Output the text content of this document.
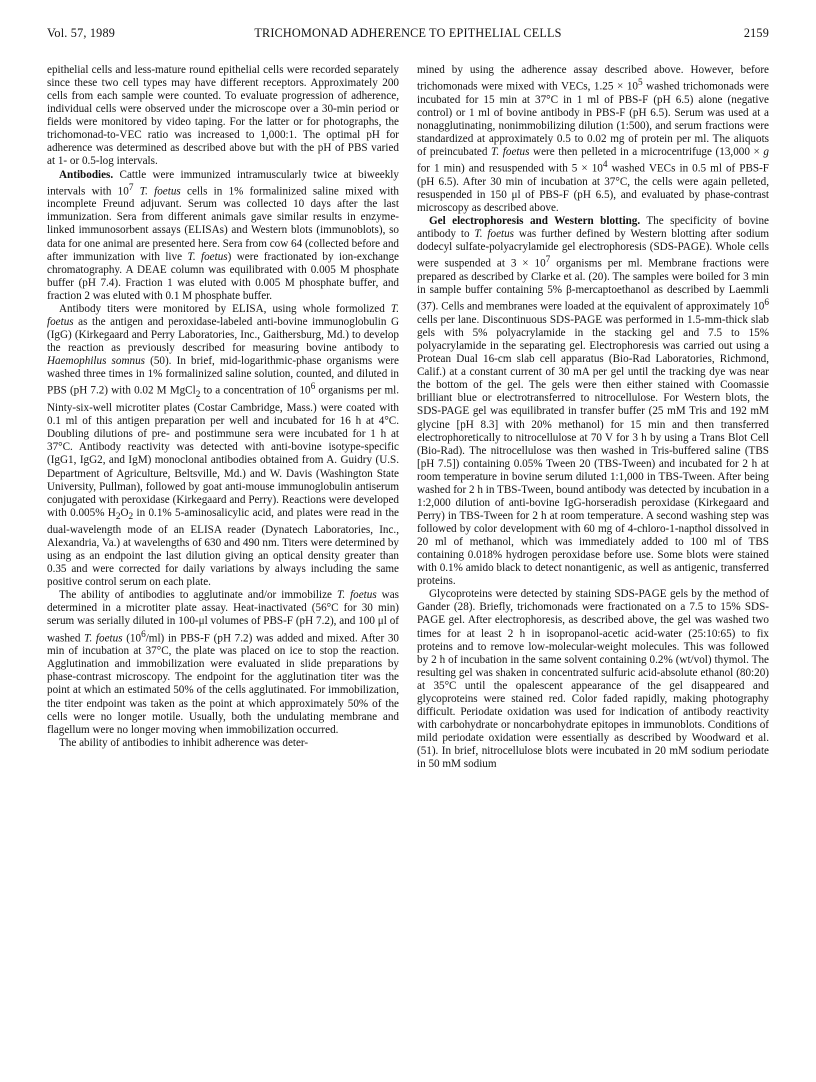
Vol. 57, 1989	TRICHOMONAD ADHERENCE TO EPITHELIAL CELLS	2159

epithelial cells and less-mature round epithelial cells were recorded separately since these two cell types may have different receptors. Approximately 200 cells from each sample were counted. To evaluate progression of adherence, individual cells were observed under the microscope over a 30-min period or fields were monitored by video taping. For the latter or for photographs, the trichomonad-to-VEC ratio was increased to 1,000:1. The optimal pH for adherence was determined as described above but with the pH of PBS varied at 1- or 0.5-log intervals.

Antibodies. Cattle were immunized intramuscularly twice at biweekly intervals with $10^7$ T. foetus cells in 1% formalinized saline mixed with incomplete Freund adjuvant. Serum was collected 10 days after the last immunization. Sera from different animals gave similar results in enzyme-linked immunosorbent assays (ELISAs) and Western blots (immunoblots), so data for one animal are presented here. Sera from cow 64 (collected before and after immunization with live T. foetus) were fractionated by ion-exchange chromatography. A DEAE column was equilibrated with 0.005 M phosphate buffer (pH 7.4). Fraction 1 was eluted with 0.005 M phosphate buffer, and fraction 2 was eluted with 0.1 M phosphate buffer.

Antibody titers were monitored by ELISA, using whole formolized T. foetus as the antigen and peroxidase-labeled anti-bovine immunoglobulin G (IgG) (Kirkegaard and Perry Laboratories, Inc., Gaithersburg, Md.) to develop the reaction as previously described for measuring bovine antibody to Haemophilus somnus (50). In brief, mid-logarithmic-phase organisms were washed three times in 1% formalinized saline solution, counted, and diluted in PBS (pH 7.2) with 0.02 M MgCl$_2$ to a concentration of $10^6$ organisms per ml. Ninty-six-well microtiter plates (Costar Cambridge, Mass.) were coated with 0.1 ml of this antigen preparation per well and incubated for 16 h at 4°C. Doubling dilutions of pre- and postimmune sera were incubated for 1 h at 37°C. Antibody reactivity was detected with anti-bovine isotype-specific (IgG1, IgG2, and IgM) monoclonal antibodies obtained from A. Guidry (U.S. Department of Agriculture, Beltsville, Md.) and W. Davis (Washington State University, Pullman), followed by goat anti-mouse immunoglobulin antiserum conjugated with peroxidase (Kirkegaard and Perry). Reactions were developed with 0.005% $H_2O_2$ in 0.1% 5-aminosalicylic acid, and plates were read in the dual-wavelength mode of an ELISA reader (Dynatech Laboratories, Inc., Alexandria, Va.) at wavelengths of 630 and 490 nm. Titers were determined by using as an endpoint the last dilution giving an optical density greater than 0.35 and were corrected for daily variations by always including the same positive control serum on each plate.

The ability of antibodies to agglutinate and/or immobilize T. foetus was determined in a microtiter plate assay. Heat-inactivated (56°C for 30 min) serum was serially diluted in 100-μl volumes of PBS-F (pH 7.2), and 100 μl of washed T. foetus $(10^6/ml)$ in PBS-F (pH 7.2) was added and mixed. After 30 min of incubation at 37°C, the plate was placed on ice to stop the reaction. Agglutination and immobilization were evaluated in slide preparations by phase-contrast microscopy. The endpoint for the agglutination titer was the point at which an estimated 50% of the cells agglutinated. For immobilization, the titer endpoint was taken as the point at which approximately 50% of the cells were no longer motile. Usually, both the undulating membrane and flagellum were no longer moving when immobilization occurred.

The ability of antibodies to inhibit adherence was deter-

mined by using the adherence assay described above. However, before trichomonads were mixed with VECs, $1.25 \times 10^5$ washed trichomonads were incubated for 15 min at 37°C in 1 ml of PBS-F (pH 6.5) alone (negative control) or 1 ml of bovine antibody in PBS-F (pH 6.5). Serum was used at a nonagglutinating, nonimmobilizing dilution (1:500), and serum fractions were standardized at approximately 0.5 to 0.02 mg of protein per ml. The aliquots of preincubated T. foetus were then pelleted in a microcentrifuge (13,000 × g for 1 min) and resuspended with $5 \times 10^4$ washed VECs in 0.5 ml of PBS-F (pH 6.5). After 30 min of incubation at 37°C, the cells were again pelleted, resuspended in 150 μl of PBS-F (pH 6.5), and evaluated by phase-contrast microscopy as described above.

Gel electrophoresis and Western blotting. The specificity of bovine antibody to T. foetus was further defined by Western blotting after sodium dodecyl sulfate-polyacrylamide gel electrophoresis (SDS-PAGE). Whole cells were suspended at $3 \times 10^7$ organisms per ml. Membrane fractions were prepared as described by Clarke et al. (20). The samples were boiled for 3 min in sample buffer containing 5% β-mercaptoethanol as described by Laemmli (37). Cells and membranes were loaded at the equivalent of approximately $10^6$ cells per lane. Discontinuous SDS-PAGE was performed in 1.5-mm-thick slab gels with 5% polyacrylamide in the stacking gel and 7.5 to 15% polyacrylamide in the separating gel. Electrophoresis was carried out using a Protean Dual 16-cm slab cell apparatus (Bio-Rad Laboratories, Richmond, Calif.) at a constant current of 30 mA per gel until the tracking dye was near the bottom of the gel. The gels were then either stained with Coomassie brilliant blue or electrotransferred to nitrocellulose. For Western blots, the SDS-PAGE gel was equilibrated in transfer buffer (25 mM Tris and 192 mM glycine [pH 8.3] with 20% methanol) for 15 min and then transferred electrophoretically to nitrocellulose at 70 V for 3 h by using a Trans Blot Cell (Bio-Rad). The nitrocellulose was then washed in Tris-buffered saline (TBS [pH 7.5]) containing 0.05% Tween 20 (TBS-Tween) and incubated for 2 h at room temperature in bovine serum diluted 1:1,000 in TBS-Tween. After being washed for 2 h in TBS-Tween, bound antibody was detected by incubation in a 1:2,000 dilution of anti-bovine IgG-horseradish peroxidase (Kirkegaard and Perry) in TBS-Tween for 2 h at room temperature. A second washing step was followed by color development with 60 mg of 4-chloro-1-napthol dissolved in 20 ml of methanol, which was immediately added to 100 ml of TBS containing 0.018% hydrogen peroxidase before use. Some blots were stained with 0.1% amido black to detect nonantigenic, as well as antigenic, transferred proteins.

Glycoproteins were detected by staining SDS-PAGE gels by the method of Gander (28). Briefly, trichomonads were fractionated on a 7.5 to 15% SDS-PAGE gel. After electrophoresis, as described above, the gel was washed two times for at least 2 h in isopropanol-acetic acid-water (25:10:65) to fix proteins and to remove low-molecular-weight molecules. This was followed by 2 h of incubation in the same solvent containing 0.2% (wt/vol) thymol. The resulting gel was shaken in concentrated sulfuric acid-absolute ethanol (80:20) at 35°C until the opalescent appearance of the gel disappeared and glycoproteins were stained red. Color faded rapidly, making photography difficult. Periodate oxidation was used for indication of antibody reactivity with carbohydrate or noncarbohydrate epitopes in immunoblots. Conditions of mild periodate oxidation were essentially as described by Woodward et al. (51). In brief, nitrocellulose blots were incubated in 20 mM sodium periodate in 50 mM sodium
